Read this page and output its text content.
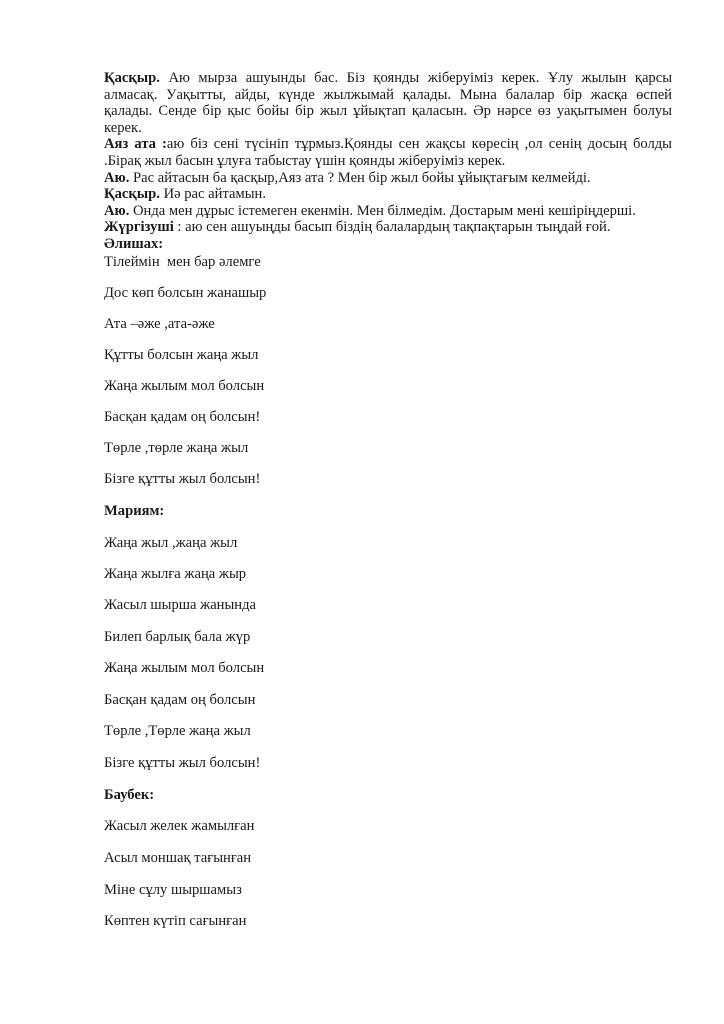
Қасқыр. Аю мырза ашуынды бас. Біз қоянды жіберуіміз керек. Ұлу жылын қарсы алмасақ. Уақытты, айды, күнде жылжымай қалады. Мына балалар бір жасқа өспей қалады. Сенде бір қыс бойы бір жыл ұйықтап қаласын. Әр нәрсе өз уақытымен болуы керек.

Аяз ата :аю біз сені түсініп тұрмыз.Қоянды сен жақсы көресің ,ол сенің досың болды .Бірақ жыл басын ұлуға табыстау үшін қоянды жіберуіміз керек.

Аю. Рас айтасын ба қасқыр,Аяз ата ? Мен бір жыл бойы ұйықтағым келмейді.

Қасқыр. Иә рас айтамын.

Аю. Онда мен дұрыс істемеген екенмін. Мен білмедім. Достарым мені кешіріңдерші.

Жүргізуші : аю сен ашуыңды басып біздің балалардың тақпақтарын тыңдай ғой.

Әлишах:

Тілеймін  мен бар әлемге

Дос көп болсын жанашыр

Ата –әже ,ата-әже

Құтты болсын жаңа жыл

Жаңа жылым мол болсын

Басқан қадам оң болсын!

Төрле ,төрле жаңа жыл

Бізге құтты жыл болсын!

Мариям:

Жаңа жыл ,жаңа жыл

Жаңа жылға жаңа жыр

Жасыл шырша жанында

Билеп барлық бала жүр

Жаңа жылым мол болсын

Басқан қадам оң болсын

Төрле ,Төрле жаңа жыл

Бізге құтты жыл болсын!

Баубек:

Жасыл желек жамылған

Асыл моншақ тағынған

Міне сұлу шыршамыз

Көптен күтіп сағынған
